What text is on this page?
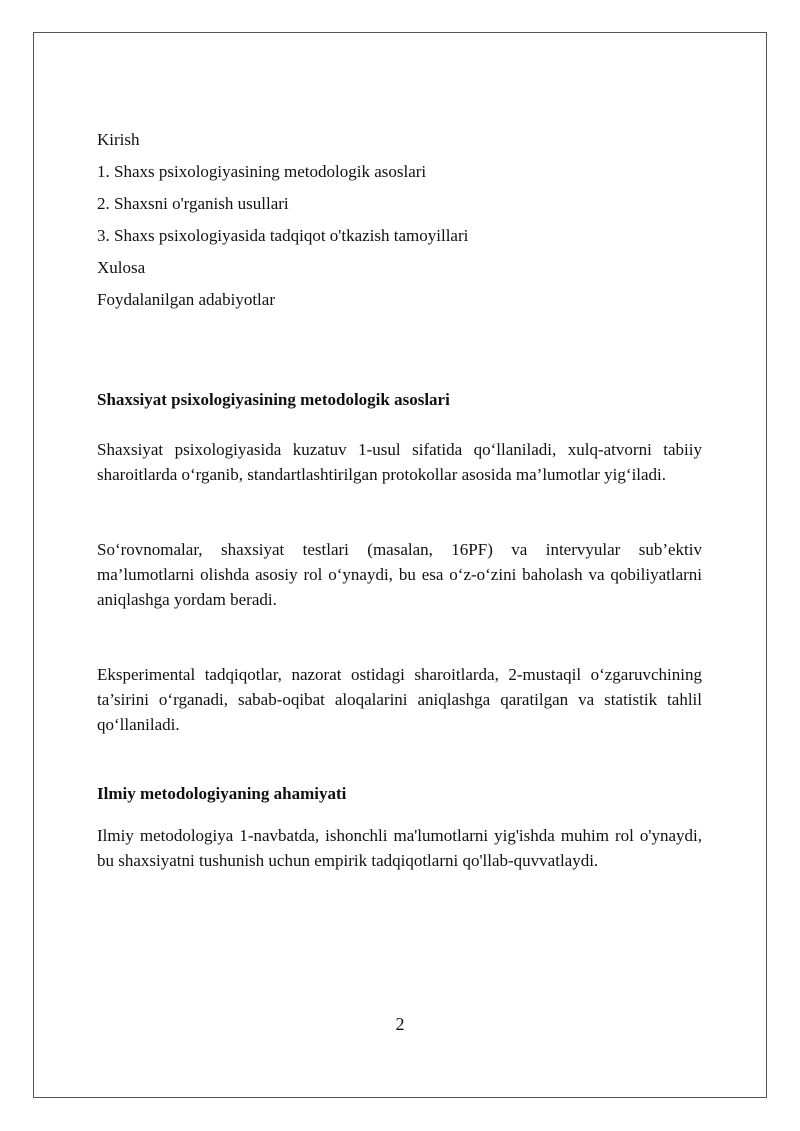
Kirish

1. Shaxs psixologiyasining metodologik asoslari

2. Shaxsni o'rganish usullari

3. Shaxs psixologiyasida tadqiqot o'tkazish tamoyillari

Xulosa

Foydalanilgan adabiyotlar

Shaxsiyat psixologiyasining metodologik asoslari

Shaxsiyat psixologiyasida kuzatuv 1-usul sifatida qo‘llaniladi, xulq-atvorni tabiiy sharoitlarda o‘rganib, standartlashtirilgan protokollar asosida ma’lumotlar yig‘iladi.

So‘rovnomalar, shaxsiyat testlari (masalan, 16PF) va intervyular sub’ektiv ma’lumotlarni olishda asosiy rol o‘ynaydi, bu esa o‘z-o‘zini baholash va qobiliyatlarni aniqlashga yordam beradi.

Eksperimental tadqiqotlar, nazorat ostidagi sharoitlarda, 2-mustaqil o‘zgaruvchining ta’sirini o‘rganadi, sabab-oqibat aloqalarini aniqlashga qaratilgan va statistik tahlil qo‘llaniladi.

Ilmiy metodologiyaning ahamiyati

Ilmiy metodologiya 1-navbatda, ishonchli ma'lumotlarni yig'ishda muhim rol o'ynaydi, bu shaxsiyatni tushunish uchun empirik tadqiqotlarni qo'llab-quvvatlaydi.

2
